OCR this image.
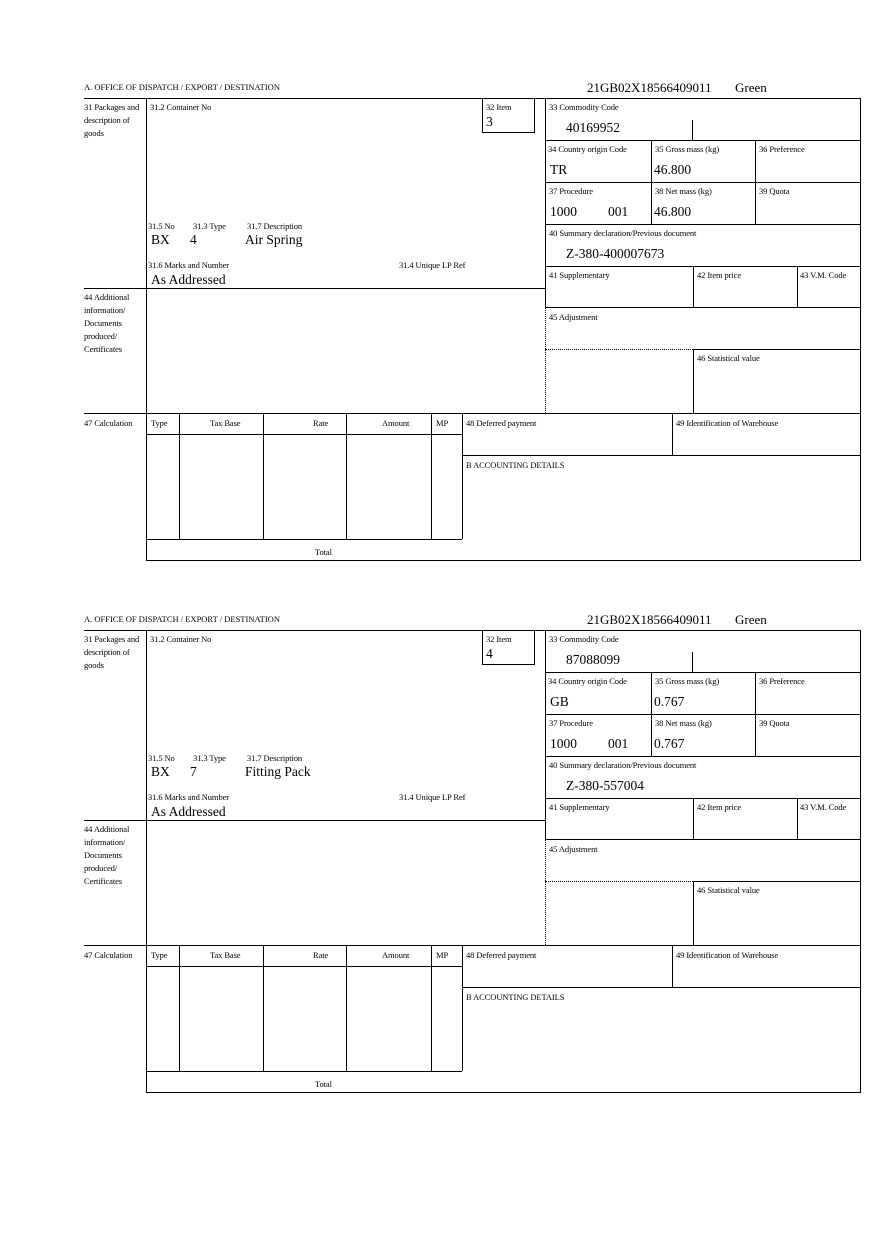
A. OFFICE OF DISPATCH / EXPORT / DESTINATION	21GB02X18566409011 Green
31 Packages and description of goods
44 Additional information/ Documents produced/ Certificates
47 Calculation
32 Item
3
31.2 Container No
31.5 No 31.3 Type 31.7 Description
BX 4	Air Spring
31.6 Marks and Number	31.4 Unique LP Ref
As Addressed
33 Commodity Code
40169952
34 Country origin Code
TR
35 Gross mass (kg)
46.800
36 Preference
37 Procedure
1000 001
38 Net mass (kg)
46.800
39 Quota
40 Summary declaration/Previous document
Z-380-400007673
41 Supplementary	42 Item price	43 V.M. Code
45 Adjustment
46 Statistical value
Type	Tax Base	Rate	Amount	MP
Total
48 Deferred payment	49 Identification of Warehouse
B ACCOUNTING DETAILS
A. OFFICE OF DISPATCH / EXPORT / DESTINATION	21GB02X18566409011 Green
31 Packages and description of goods
44 Additional information/ Documents produced/ Certificates
47 Calculation
32 Item
4
31.2 Container No
31.5 No 31.3 Type 31.7 Description
BX 7	Fitting Pack
31.6 Marks and Number	31.4 Unique LP Ref
As Addressed
33 Commodity Code
87088099
34 Country origin Code
GB
35 Gross mass (kg)
0.767
36 Preference
37 Procedure
1000 001
38 Net mass (kg)
0.767
39 Quota
40 Summary declaration/Previous document
Z-380-557004
41 Supplementary	42 Item price	43 V.M. Code
45 Adjustment
46 Statistical value
Type	Tax Base	Rate	Amount	MP
Total
48 Deferred payment	49 Identification of Warehouse
B ACCOUNTING DETAILS
